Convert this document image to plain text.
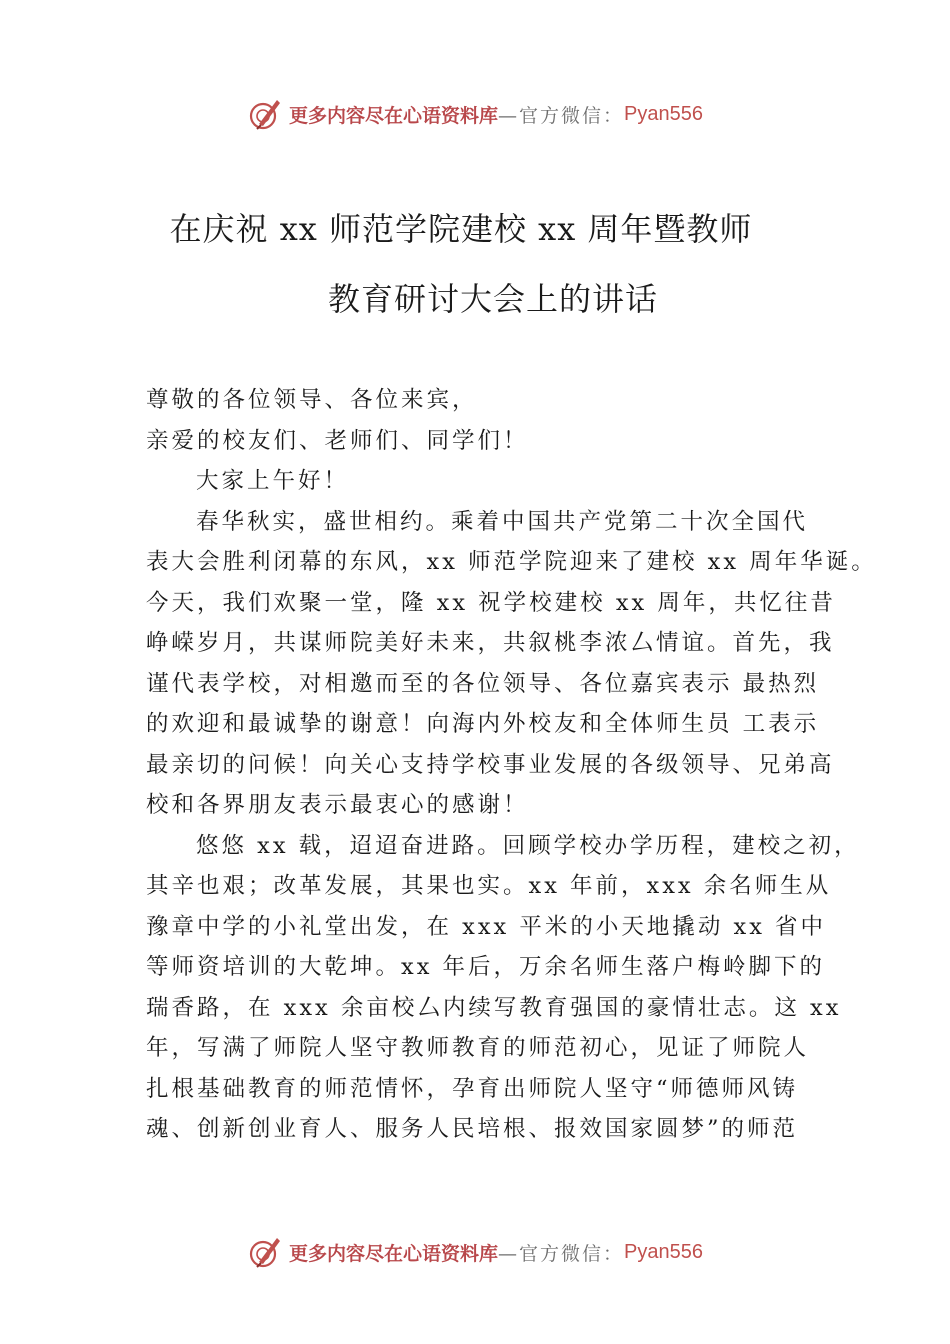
更多内容尽在心语资料库 —官方微信： Pyan556
在庆祝 xx 师范学院建校 xx 周年暨教师
教育研讨大会上的讲话

尊敬的各位领导、各位来宾，

亲爱的校友们、老师们、同学们！

大家上午好！

春华秋实，盛世相约。乘着中国共产党第二十次全国代

表大会胜利闭幕的东风，xx 师范学院迎来了建校 xx 周年华诞。

今天，我们欢聚一堂，隆 xx 祝学校建校 xx 周年，共忆往昔

峥嵘岁月，共谋师院美好未来，共叙桃李浓厶情谊。首先，我

谨代表学校，对相邀而至的各位领导、各位嘉宾表示 最热烈

的欢迎和最诚挚的谢意！向海内外校友和全体师生员 工表示

最亲切的问候！向关心支持学校事业发展的各级领导、兄弟高

校和各界朋友表示最衷心的感谢！

悠悠 xx 载，迢迢奋进路。回顾学校办学历程，建校之初，

其辛也艰；改革发展，其果也实。xx 年前，xxx 余名师生从

豫章中学的小礼堂出发，在 xxx 平米的小天地撬动 xx 省中

等师资培训的大乾坤。xx 年后，万余名师生落户梅岭脚下的

瑞香路，在 xxx 余亩校厶内续写教育强国的豪情壮志。这 xx

年，写满了师院人坚守教师教育的师范初心，见证了师院人

扎根基础教育的师范情怀，孕育出师院人坚守“师德师风铸

魂、创新创业育人、服务人民培根、报效国家圆梦”的师范

更多内容尽在心语资料库 —官方微信： Pyan556
